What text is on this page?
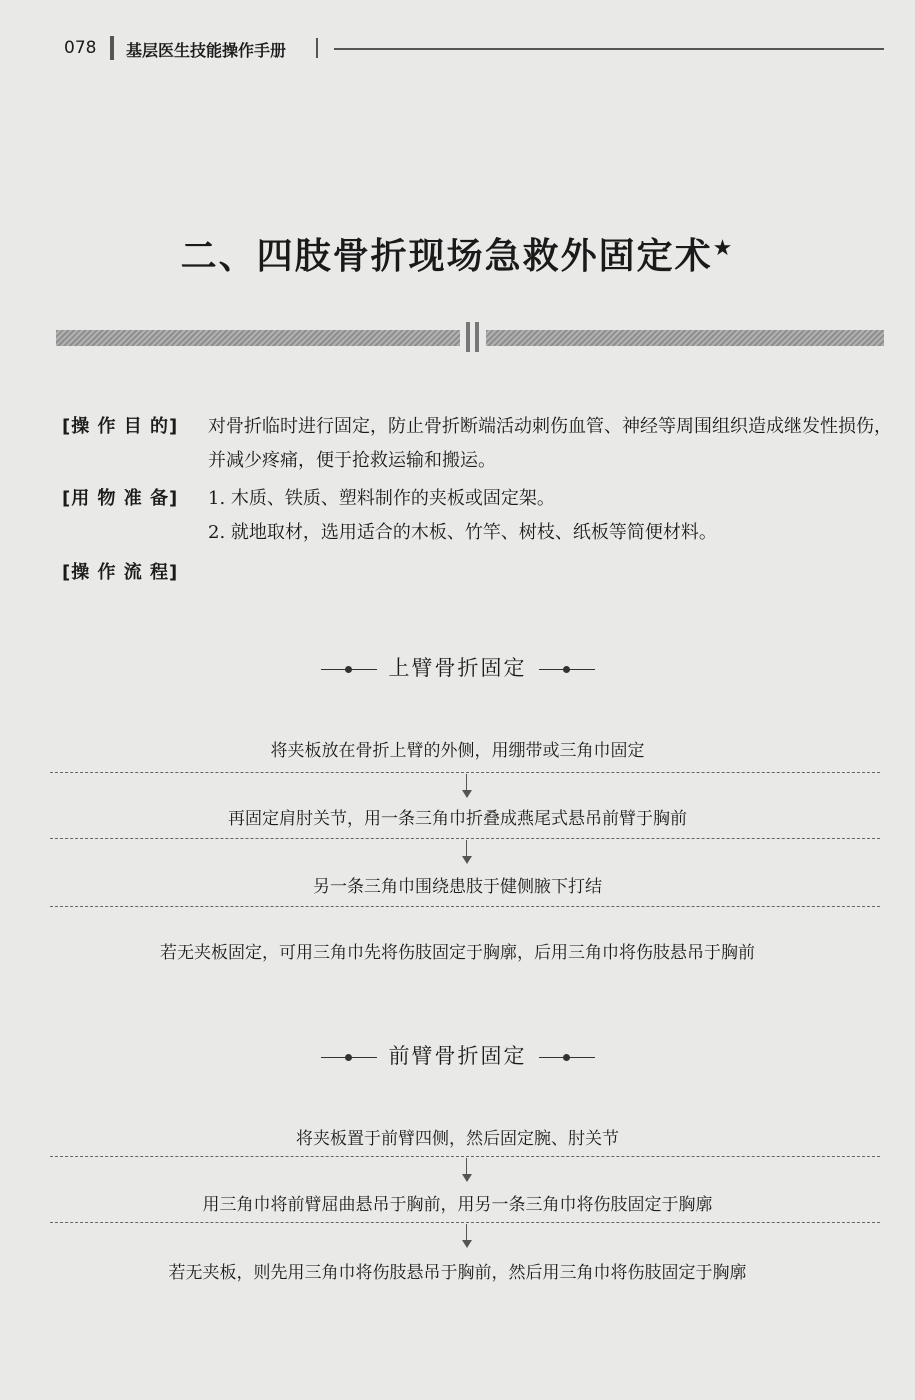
078 基层医生技能操作手册
二、四肢骨折现场急救外固定术★
[操 作 目 的]	对骨折临时进行固定，防止骨折断端活动刺伤血管、神经等周围组织造成继发性损伤，并减少疼痛，便于抢救运输和搬运。
[用 物 准 备]	1. 木质、铁质、塑料制作的夹板或固定架。
2. 就地取材，选用适合的木板、竹竿、树枝、纸板等简便材料。
[操 作 流 程]
上臂骨折固定
将夹板放在骨折上臂的外侧，用绷带或三角巾固定
再固定肩肘关节，用一条三角巾折叠成燕尾式悬吊前臂于胸前
另一条三角巾围绕患肢于健侧腋下打结
若无夹板固定，可用三角巾先将伤肢固定于胸廓，后用三角巾将伤肢悬吊于胸前
前臂骨折固定
将夹板置于前臂四侧，然后固定腕、肘关节
用三角巾将前臂屈曲悬吊于胸前，用另一条三角巾将伤肢固定于胸廓
若无夹板，则先用三角巾将伤肢悬吊于胸前，然后用三角巾将伤肢固定于胸廓
